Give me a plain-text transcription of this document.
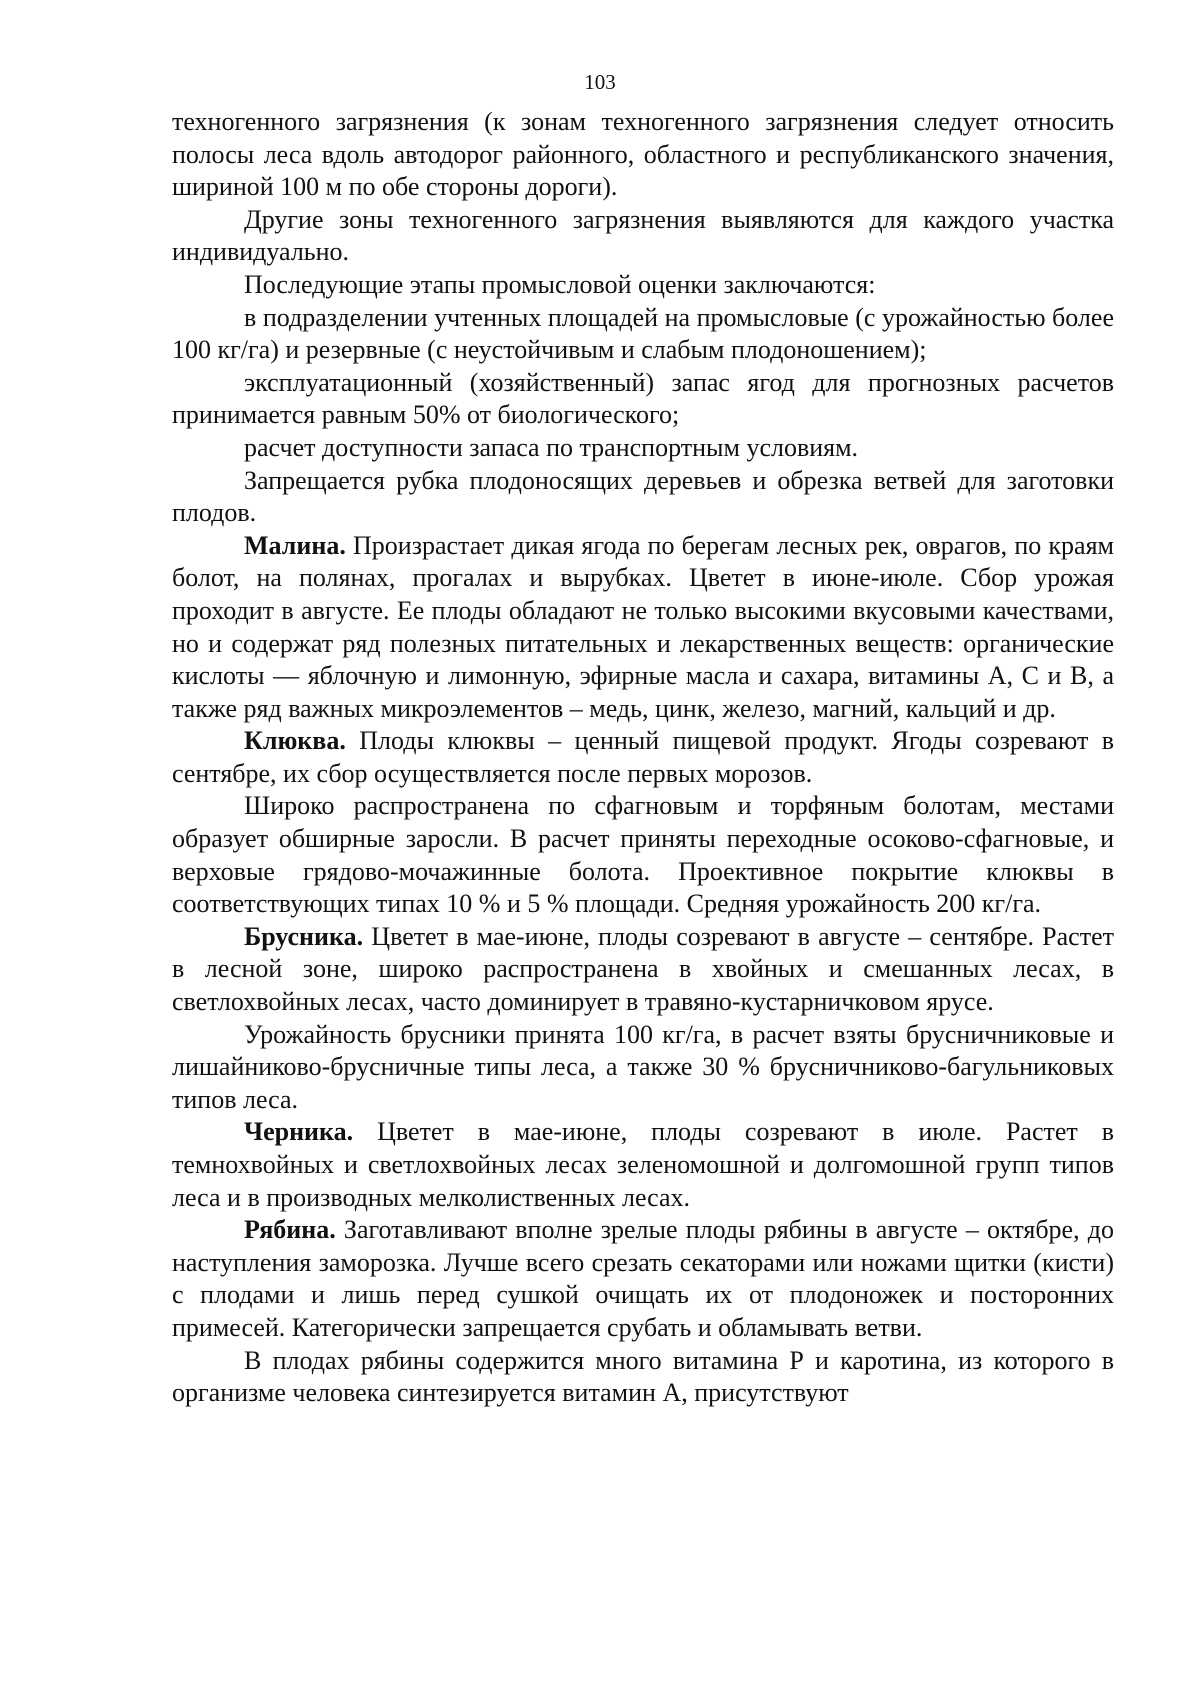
103

техногенного загрязнения (к зонам техногенного загрязнения следует относить полосы леса вдоль автодорог районного, областного и республиканского значения, шириной 100 м по обе стороны дороги).

Другие зоны техногенного загрязнения выявляются для каждого участка индивидуально.

Последующие этапы промысловой оценки заключаются:

в подразделении учтенных площадей на промысловые (с урожайностью более 100 кг/га) и резервные (с неустойчивым и слабым плодоношением);

эксплуатационный (хозяйственный) запас ягод для прогнозных расчетов принимается равным 50% от биологического;

расчет доступности запаса по транспортным условиям.

Запрещается рубка плодоносящих деревьев и обрезка ветвей для заготовки плодов.

Малина. Произрастает дикая ягода по берегам лесных рек, оврагов, по краям болот, на полянах, прогалах и вырубках. Цветет в июне-июле. Сбор урожая проходит в августе. Ее плоды обладают не только высокими вкусовыми качествами, но и содержат ряд полезных питательных и лекарственных веществ: органические кислоты — яблочную и лимонную, эфирные масла и сахара, витамины А, С и В, а также ряд важных микроэлементов – медь, цинк, железо, магний, кальций и др.

Клюква. Плоды клюквы – ценный пищевой продукт. Ягоды созревают в сентябре, их сбор осуществляется после первых морозов.

Широко распространена по сфагновым и торфяным болотам, местами образует обширные заросли. В расчет приняты переходные осоково-сфагновые, и верховые грядово-мочажинные болота. Проективное покрытие клюквы в соответствующих типах 10 % и 5 % площади. Средняя урожайность 200 кг/га.

Брусника. Цветет в мае-июне, плоды созревают в августе – сентябре. Растет в лесной зоне, широко распространена в хвойных и смешанных лесах, в светлохвойных лесах, часто доминирует в травяно-кустарничковом ярусе.

Урожайность брусники принята 100 кг/га, в расчет взяты брусничниковые и лишайниково-брусничные типы леса, а также 30 % брусничниково-багульниковых типов леса.

Черника. Цветет в мае-июне, плоды созревают в июле. Растет в темнохвойных и светлохвойных лесах зеленомошной и долгомошной групп типов леса и в производных мелколиственных лесах.

Рябина. Заготавливают вполне зрелые плоды рябины в августе – октябре, до наступления заморозка. Лучше всего срезать секаторами или ножами щитки (кисти) с плодами и лишь перед сушкой очищать их от плодоножек и посторонних примесей. Категорически запрещается срубать и обламывать ветви.

В плодах рябины содержится много витамина Р и каротина, из которого в организме человека синтезируется витамин А, присутствуют
